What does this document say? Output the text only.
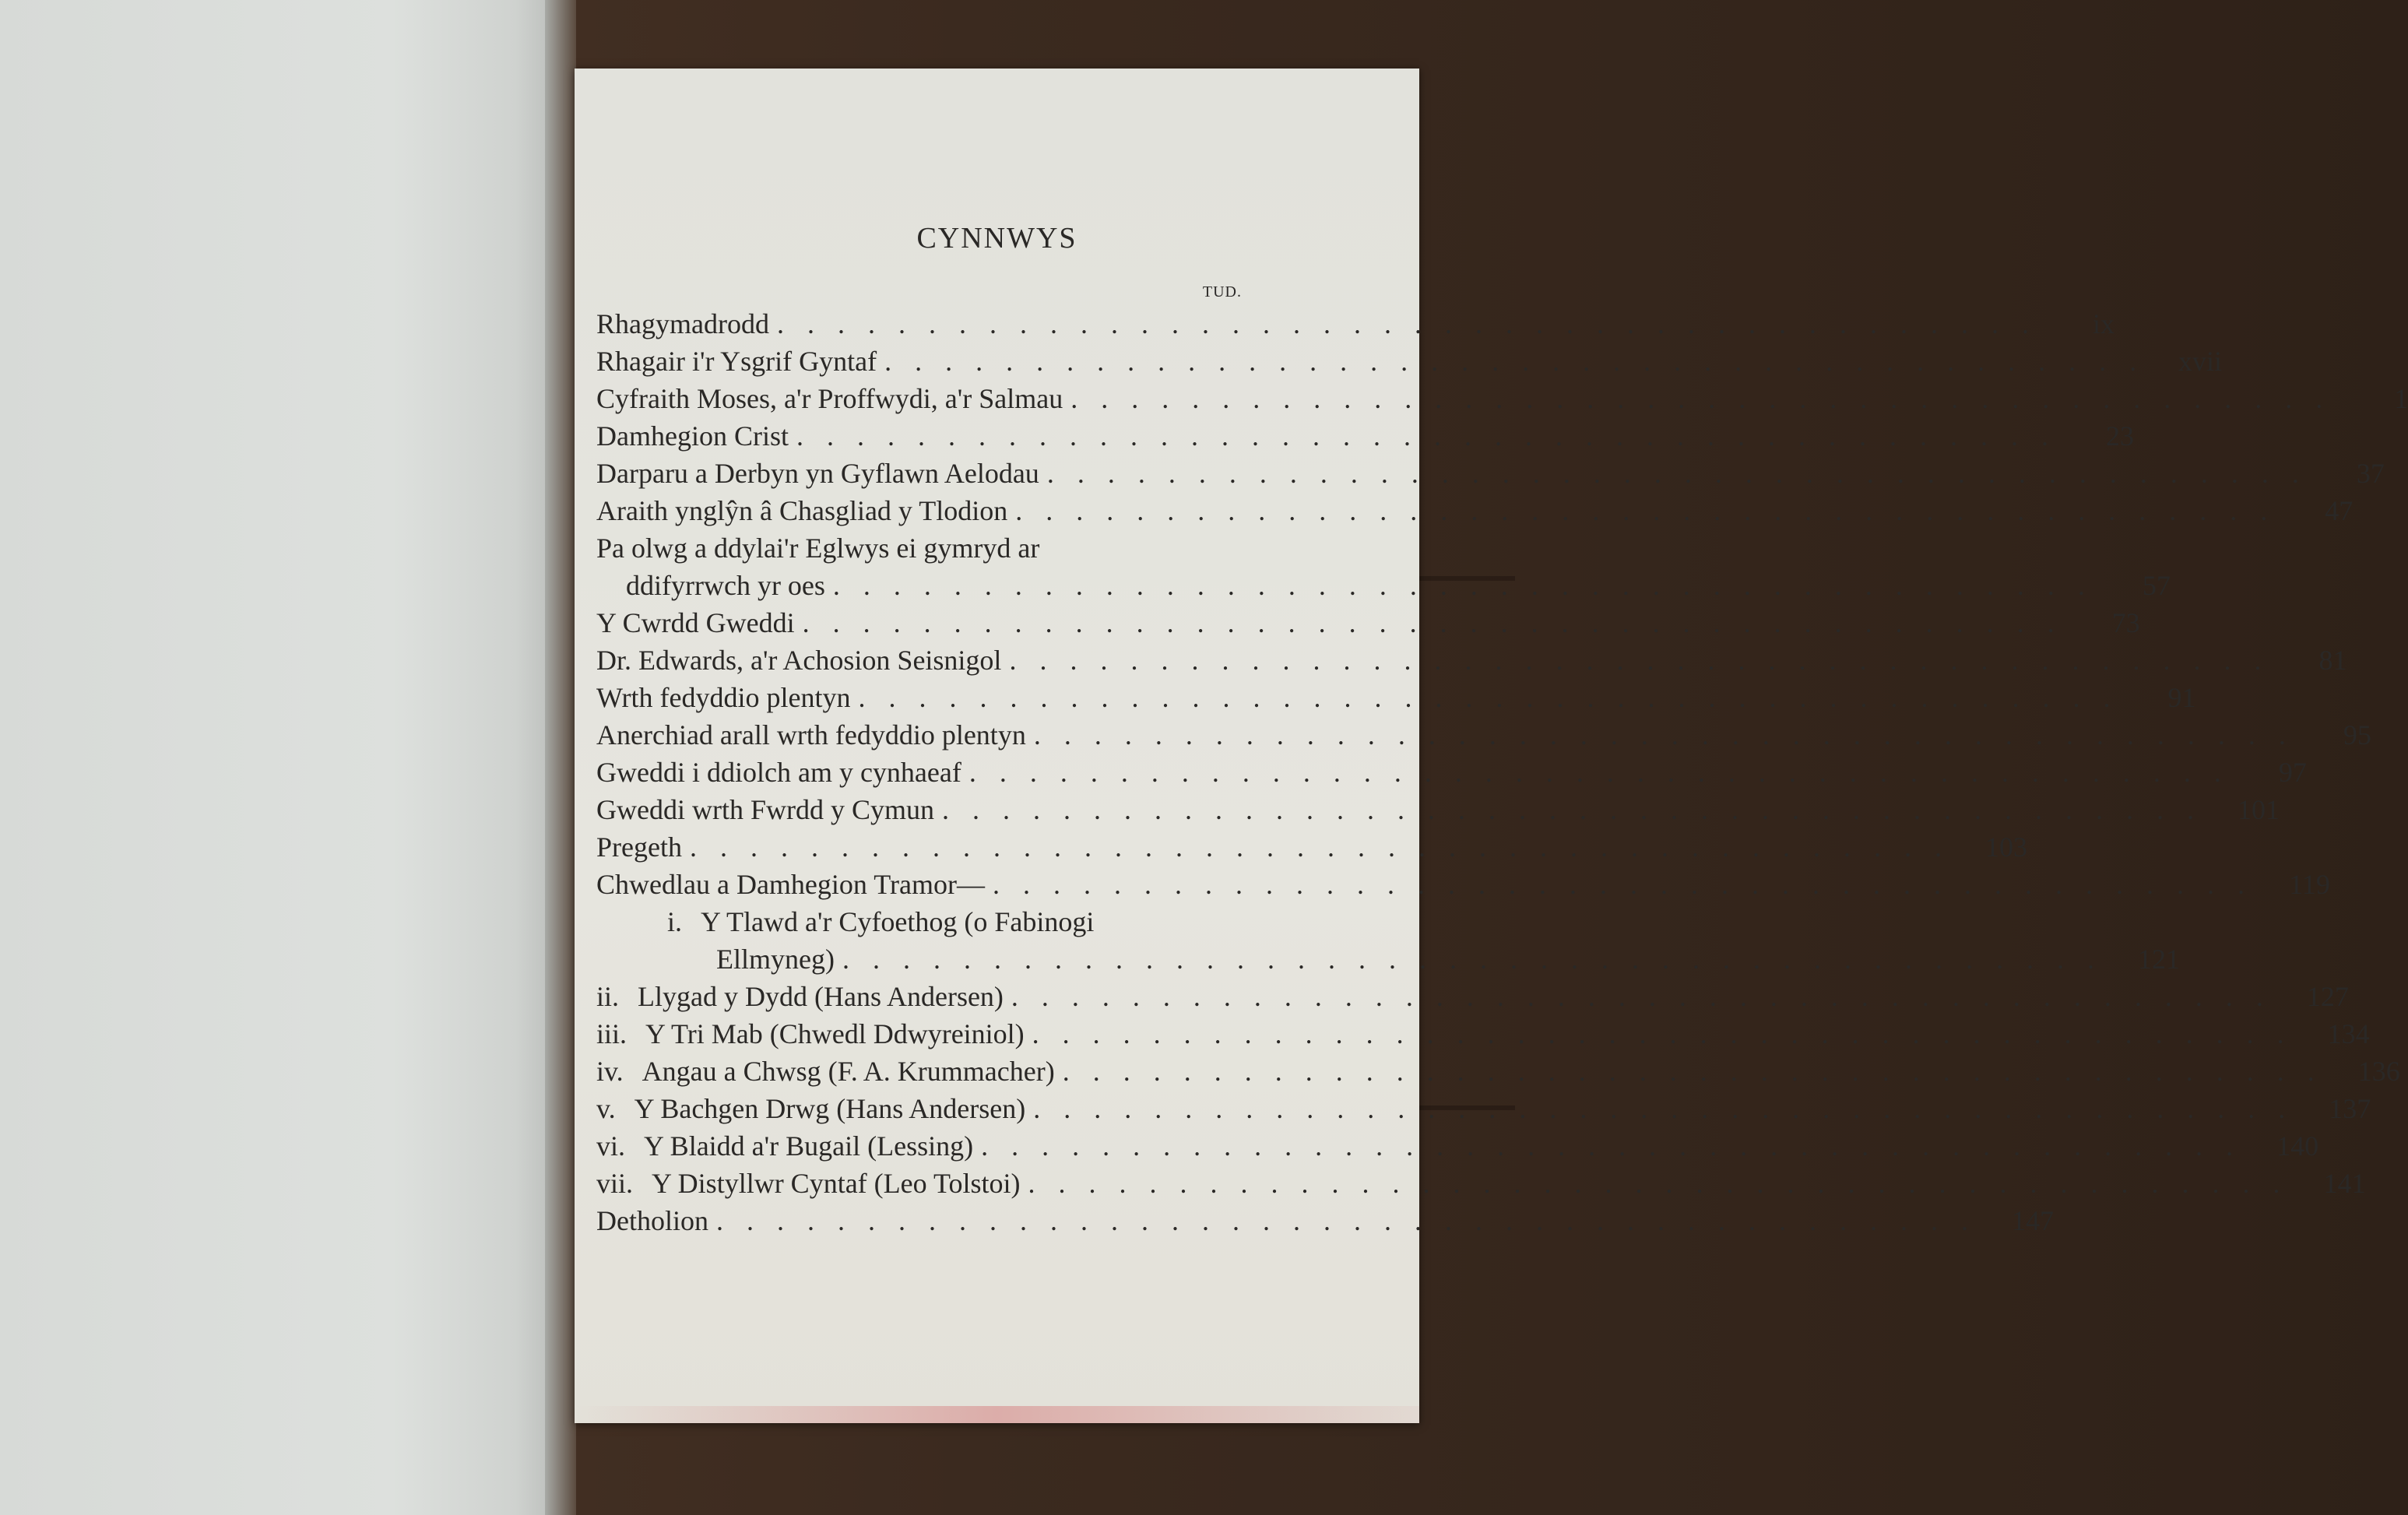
CYNNWYS
TUD.
Rhagymadrodd ..........................................	ix
Rhagair i'r Ysgrif Gyntaf .......................................... xvii
Cyfraith Moses, a'r Proffwydi, a'r Salmau ..........................................	1
Damhegion Crist ..........................................	23
Darparu a Derbyn yn Gyflawn Aelodau ..........................................	37
Araith ynglŷn â Chasgliad y Tlodion ..........................................	47
Pa olwg a ddylai'r Eglwys ei gymryd ar
ddifyrrwch yr oes ..........................................	57
Y Cwrdd Gweddi ..........................................	73
Dr. Edwards, a'r Achosion Seisnigol ..........................................	81
Wrth fedyddio plentyn ..........................................	91
Anerchiad arall wrth fedyddio plentyn ..........................................	95
Gweddi i ddiolch am y cynhaeaf ..........................................	97
Gweddi wrth Fwrdd y Cymun .......................................... 101
Pregeth .......................................... 103
Chwedlau a Damhegion Tramor— .......................................... 119
i. Y Tlawd a'r Cyfoethog (o Fabinogi
Ellmyneg) .......................................... 121
ii. Llygad y Dydd (Hans Andersen) .......................................... 127
iii. Y Tri Mab (Chwedl Ddwyreiniol) .......................................... 134
iv. Angau a Chwsg (F. A. Krummacher) .......................................... 136
v. Y Bachgen Drwg (Hans Andersen) .......................................... 137
vi. Y Blaidd a'r Bugail (Lessing) .......................................... 140
vii. Y Distyllwr Cyntaf (Leo Tolstoi) .......................................... 141
Detholion .......................................... 147
